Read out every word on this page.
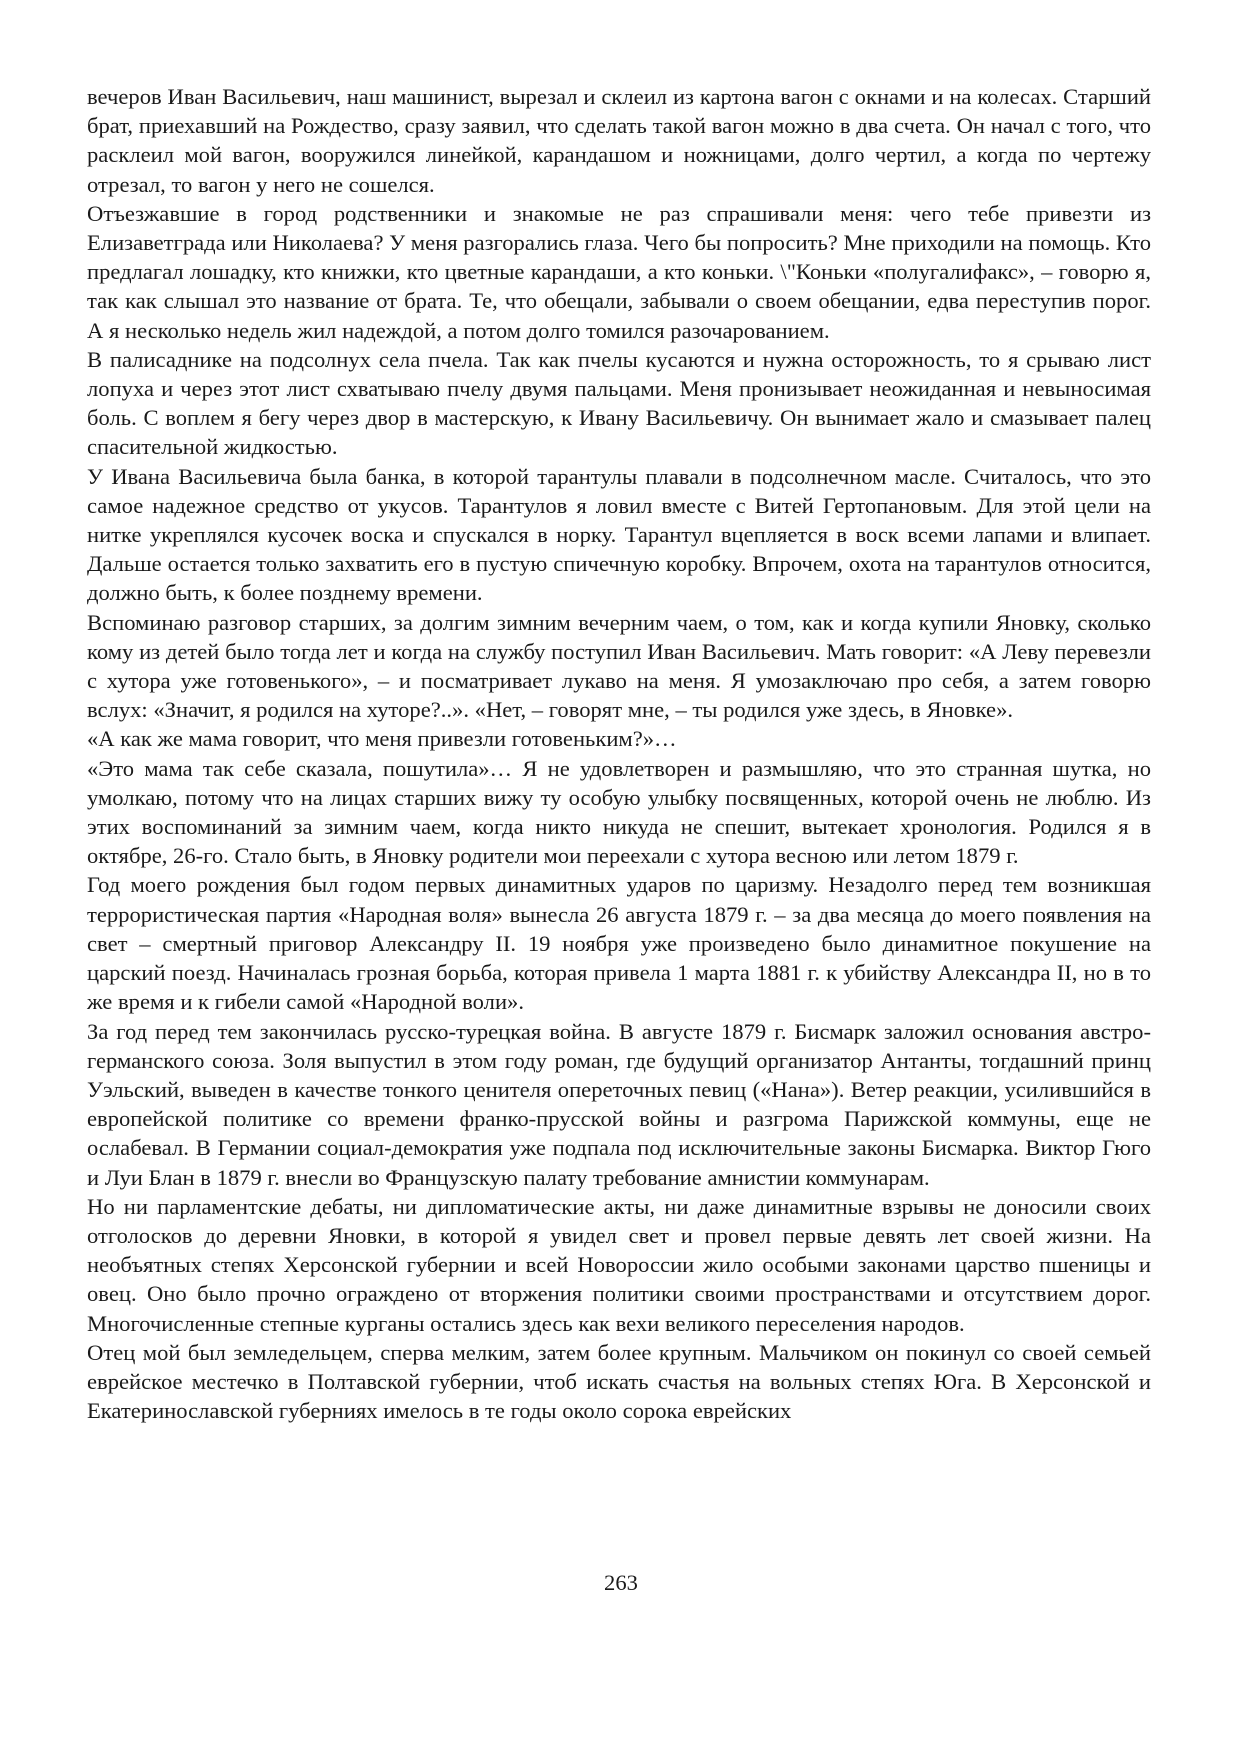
вечеров Иван Васильевич, наш машинист, вырезал и склеил из картона вагон с окнами и на колесах. Старший брат, приехавший на Рождество, сразу заявил, что сделать такой вагон можно в два счета. Он начал с того, что расклеил мой вагон, вооружился линейкой, карандашом и ножницами, долго чертил, а когда по чертежу отрезал, то вагон у него не сошелся.

Отъезжавшие в город родственники и знакомые не раз спрашивали меня: чего тебе привезти из Елизаветграда или Николаева? У меня разгорались глаза. Чего бы попросить? Мне приходили на помощь. Кто предлагал лошадку, кто книжки, кто цветные карандаши, а кто коньки. \"Коньки «полугалифакс», – говорю я, так как слышал это название от брата. Те, что обещали, забывали о своем обещании, едва переступив порог. А я несколько недель жил надеждой, а потом долго томился разочарованием.

В палисаднике на подсолнух села пчела. Так как пчелы кусаются и нужна осторожность, то я срываю лист лопуха и через этот лист схватываю пчелу двумя пальцами. Меня пронизывает неожиданная и невыносимая боль. С воплем я бегу через двор в мастерскую, к Ивану Васильевичу. Он вынимает жало и смазывает палец спасительной жидкостью.

У Ивана Васильевича была банка, в которой тарантулы плавали в подсолнечном масле. Считалось, что это самое надежное средство от укусов. Тарантулов я ловил вместе с Витей Гертопановым. Для этой цели на нитке укреплялся кусочек воска и спускался в норку. Тарантул вцепляется в воск всеми лапами и влипает. Дальше остается только захватить его в пустую спичечную коробку. Впрочем, охота на тарантулов относится, должно быть, к более позднему времени.

Вспоминаю разговор старших, за долгим зимним вечерним чаем, о том, как и когда купили Яновку, сколько кому из детей было тогда лет и когда на службу поступил Иван Васильевич. Мать говорит: «А Леву перевезли с хутора уже готовенького», – и посматривает лукаво на меня. Я умозаключаю про себя, а затем говорю вслух: «Значит, я родился на хуторе?..». «Нет, – говорят мне, – ты родился уже здесь, в Яновке».

«А как же мама говорит, что меня привезли готовеньким?»…

«Это мама так себе сказала, пошутила»… Я не удовлетворен и размышляю, что это странная шутка, но умолкаю, потому что на лицах старших вижу ту особую улыбку посвященных, которой очень не люблю. Из этих воспоминаний за зимним чаем, когда никто никуда не спешит, вытекает хронология. Родился я в октябре, 26-го. Стало быть, в Яновку родители мои переехали с хутора весною или летом 1879 г.

Год моего рождения был годом первых динамитных ударов по царизму. Незадолго перед тем возникшая террористическая партия «Народная воля» вынесла 26 августа 1879 г. – за два месяца до моего появления на свет – смертный приговор Александру II. 19 ноября уже произведено было динамитное покушение на царский поезд. Начиналась грозная борьба, которая привела 1 марта 1881 г. к убийству Александра II, но в то же время и к гибели самой «Народной воли».

За год перед тем закончилась русско-турецкая война. В августе 1879 г. Бисмарк заложил основания австро-германского союза. Золя выпустил в этом году роман, где будущий организатор Антанты, тогдашний принц Уэльский, выведен в качестве тонкого ценителя опереточных певиц («Нана»). Ветер реакции, усилившийся в европейской политике со времени франко-прусской войны и разгрома Парижской коммуны, еще не ослабевал. В Германии социал-демократия уже подпала под исключительные законы Бисмарка. Виктор Гюго и Луи Блан в 1879 г. внесли во Французскую палату требование амнистии коммунарам.

Но ни парламентские дебаты, ни дипломатические акты, ни даже динамитные взрывы не доносили своих отголосков до деревни Яновки, в которой я увидел свет и провел первые девять лет своей жизни. На необъятных степях Херсонской губернии и всей Новороссии жило особыми законами царство пшеницы и овец. Оно было прочно ограждено от вторжения политики своими пространствами и отсутствием дорог. Многочисленные степные курганы остались здесь как вехи великого переселения народов.

Отец мой был земледельцем, сперва мелким, затем более крупным. Мальчиком он покинул со своей семьей еврейское местечко в Полтавской губернии, чтоб искать счастья на вольных степях Юга. В Херсонской и Екатеринославской губерниях имелось в те годы около сорока еврейских

263
